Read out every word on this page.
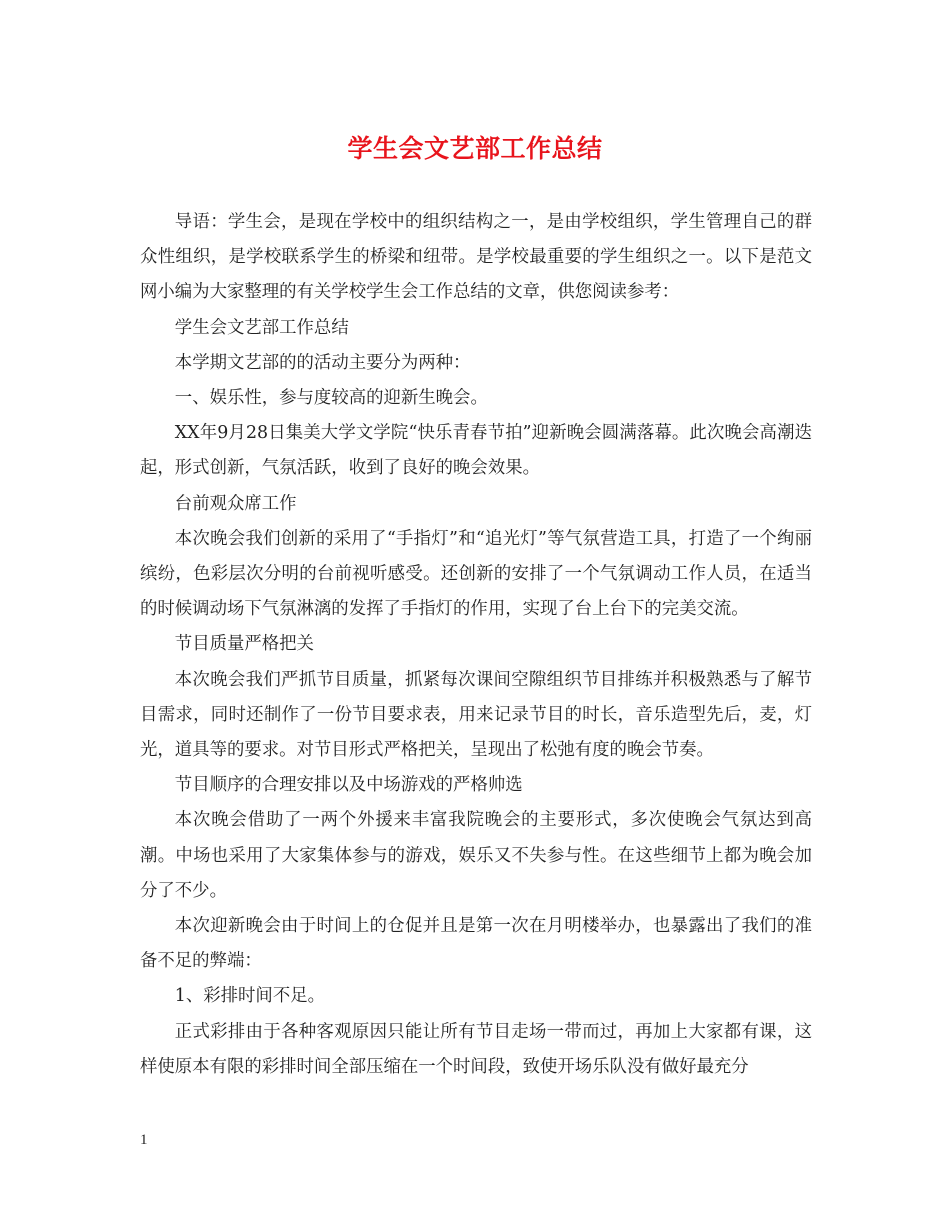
学生会文艺部工作总结

导语：学生会，是现在学校中的组织结构之一，是由学校组织，学生管理自己的群众性组织，是学校联系学生的桥梁和纽带。是学校最重要的学生组织之一。以下是范文网小编为大家整理的有关学校学生会工作总结的文章，供您阅读参考：

学生会文艺部工作总结

本学期文艺部的的活动主要分为两种：

一、娱乐性，参与度较高的迎新生晚会。

XX年9月28日集美大学文学院“快乐青春节拍”迎新晚会圆满落幕。此次晚会高潮迭起，形式创新，气氛活跃，收到了良好的晚会效果。

台前观众席工作

本次晚会我们创新的采用了“手指灯”和“追光灯”等气氛营造工具，打造了一个绚丽缤纷，色彩层次分明的台前视听感受。还创新的安排了一个气氛调动工作人员，在适当的时候调动场下气氛淋漓的发挥了手指灯的作用，实现了台上台下的完美交流。

节目质量严格把关

本次晚会我们严抓节目质量，抓紧每次课间空隙组织节目排练并积极熟悉与了解节目需求，同时还制作了一份节目要求表，用来记录节目的时长，音乐造型先后，麦，灯光，道具等的要求。对节目形式严格把关，呈现出了松弛有度的晚会节奏。

节目顺序的合理安排以及中场游戏的严格帅选

本次晚会借助了一两个外援来丰富我院晚会的主要形式，多次使晚会气氛达到高潮。中场也采用了大家集体参与的游戏，娱乐又不失参与性。在这些细节上都为晚会加分了不少。

本次迎新晚会由于时间上的仓促并且是第一次在月明楼举办，也暴露出了我们的准备不足的弊端：

1、彩排时间不足。

正式彩排由于各种客观原因只能让所有节目走场一带而过，再加上大家都有课，这样使原本有限的彩排时间全部压缩在一个时间段，致使开场乐队没有做好最充分

1
